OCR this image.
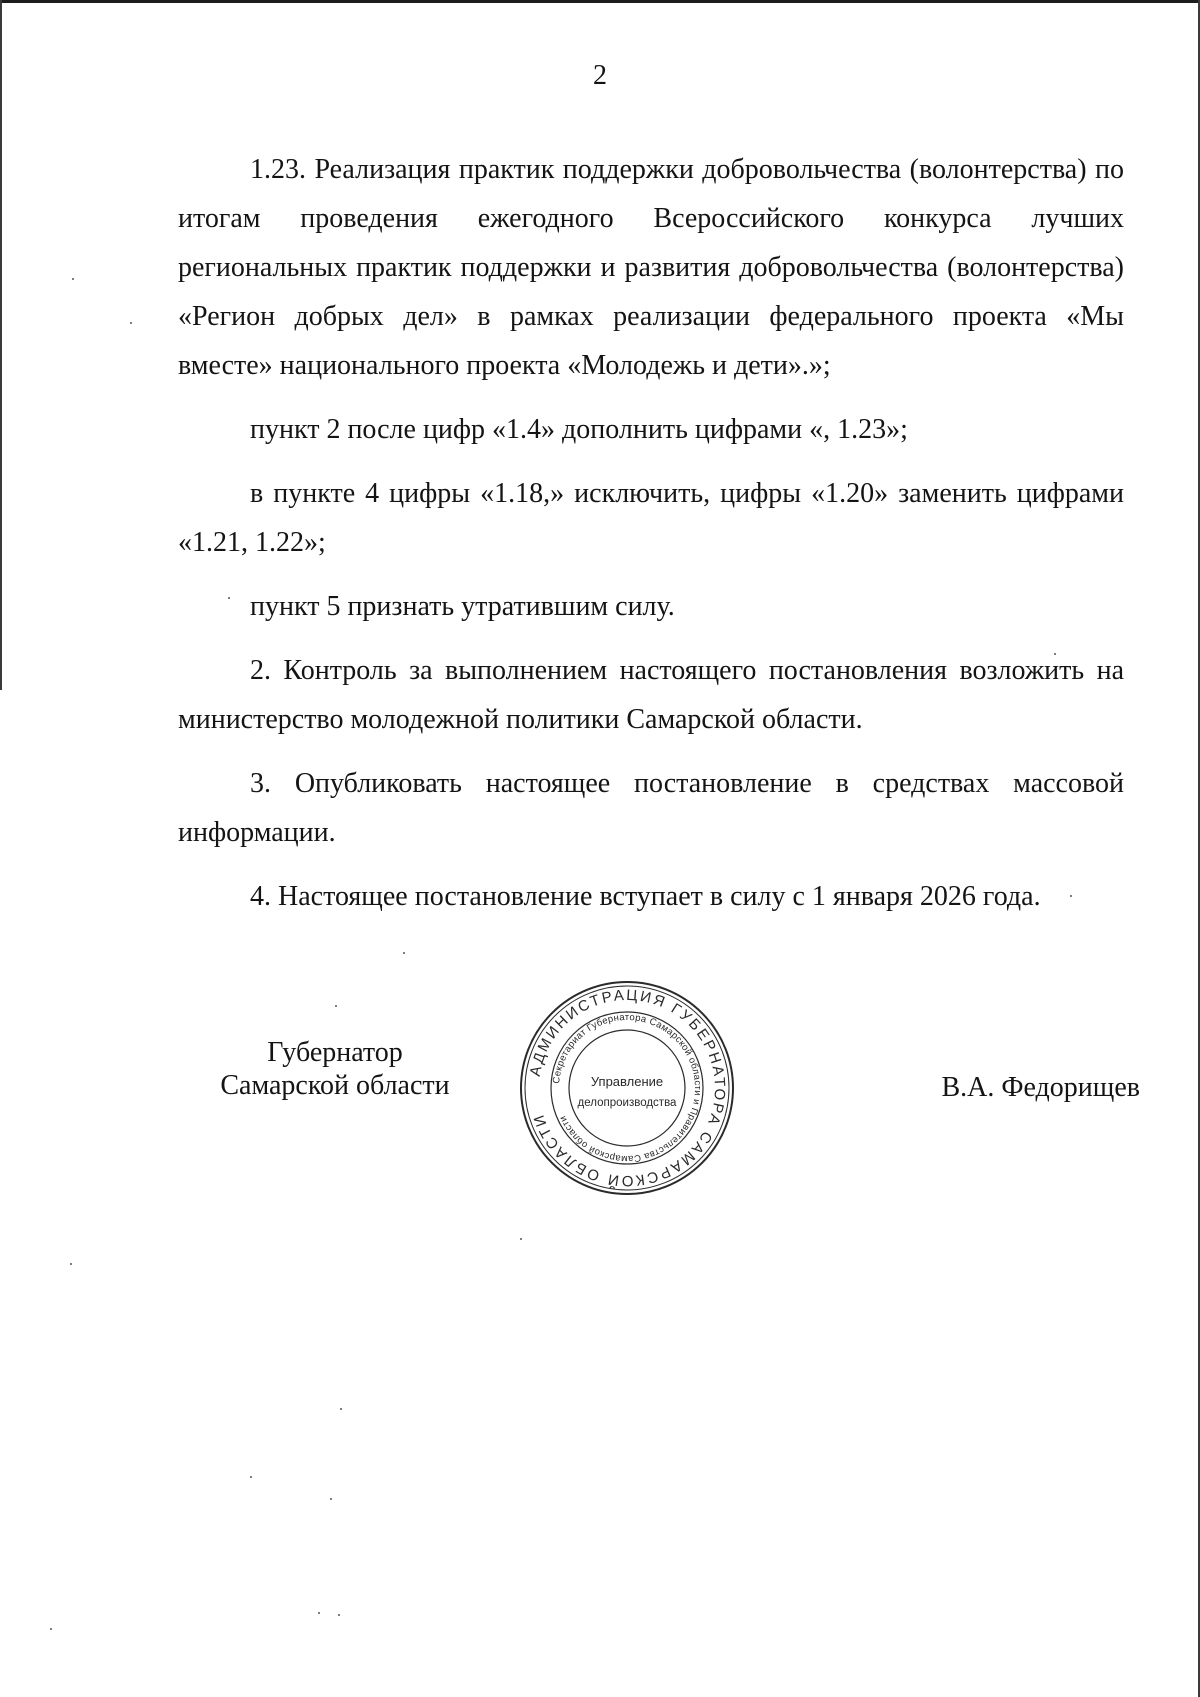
2

1.23. Реализация практик поддержки добровольчества (волонтерства) по итогам проведения ежегодного Всероссийского конкурса лучших региональных практик поддержки и развития добровольчества (волонтерства) «Регион добрых дел» в рамках реализации федерального проекта «Мы вместе» национального проекта «Молодежь и дети».»;

пункт 2 после цифр «1.4» дополнить цифрами «, 1.23»;

в пункте 4 цифры «1.18,» исключить, цифры «1.20» заменить цифрами «1.21, 1.22»;

пункт 5 признать утратившим силу.

2. Контроль за выполнением настоящего постановления возложить на министерство молодежной политики Самарской области.

3. Опубликовать настоящее постановление в средствах массовой информации.

4. Настоящее постановление вступает в силу с 1 января 2026 года.

Губернатор
Самарской области	В.А. Федорищев
АДМИНИСТРАЦИЯ ГУБЕРНАТОРА САМАРСКОЙ ОБЛАСТИ
Секретариат Губернатора Самарской области и Правительства Самарской области
Управление
делопроизводства
